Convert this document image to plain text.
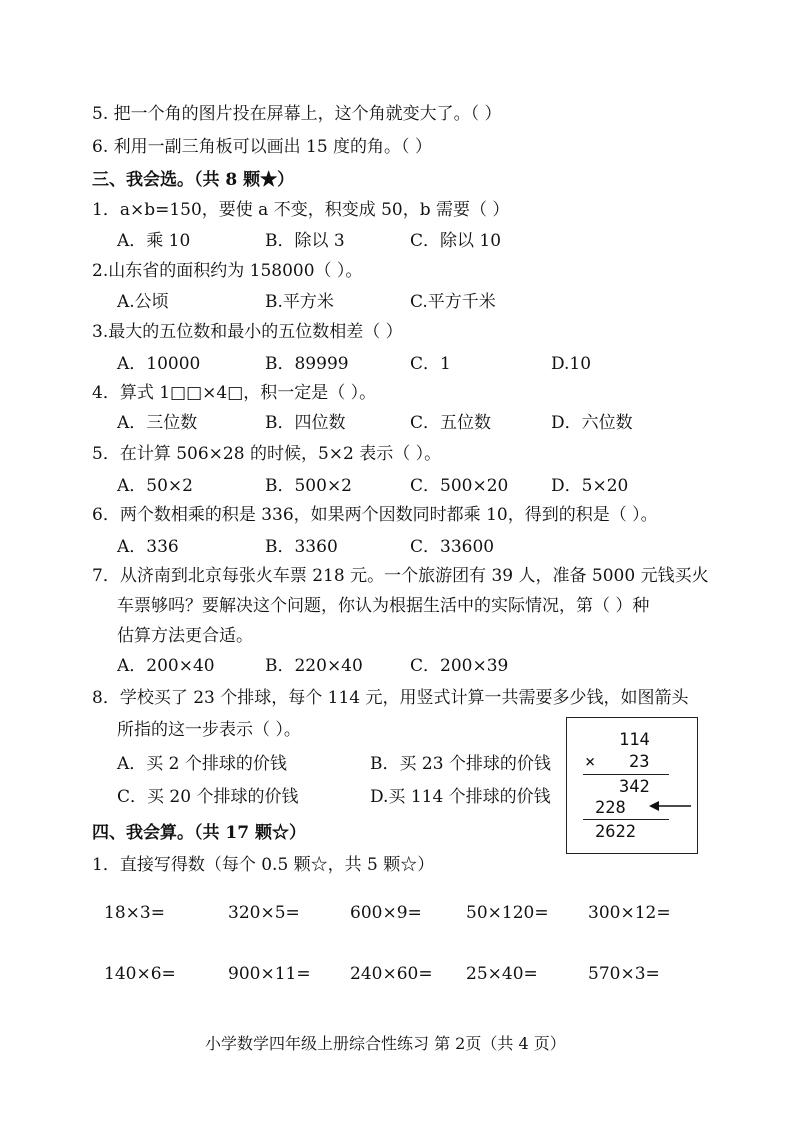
5. 把一个角的图片投在屏幕上，这个角就变大了。（ ）
6. 利用一副三角板可以画出 15 度的角。（ ）
三、我会选。（共 8 颗★）
1．a×b=150，要使 a 不变，积变成 50，b 需要（ ）
A．乘 10	B．除以 3	C．除以 10
2.山东省的面积约为 158000（ ）。
A.公顷	B.平方米	C.平方千米
3.最大的五位数和最小的五位数相差（ ）
A．10000	B．89999	C．1	D.10
4．算式 1□□×4□，积一定是（ ）。
A．三位数	B．四位数	C．五位数	D．六位数
5．在计算 506×28 的时候，5×2 表示（ ）。
A．50×2	B．500×2	C．500×20	D．5×20
6．两个数相乘的积是 336，如果两个因数同时都乘 10，得到的积是（ ）。
A．336	B．3360	C．33600
7．从济南到北京每张火车票 218 元。一个旅游团有 39 人，准备 5000 元钱买火
车票够吗？要解决这个问题，你认为根据生活中的实际情况，第（ ）种
估算方法更合适。
A．200×40	B．220×40	C．200×39
8．学校买了 23 个排球，每个 114 元，用竖式计算一共需要多少钱，如图箭头
所指的这一步表示（ ）。
A．买 2 个排球的价钱	B．买 23 个排球的价钱
C．买 20 个排球的价钱	D.买 114 个排球的价钱
114
× 23
342
228
2622
四、我会算。（共 17 颗☆）
1．直接写得数（每个 0.5 颗☆，共 5 颗☆）
18×3=	320×5=	600×9=	50×120= 300×12=
140×6=	900×11= 240×60= 25×40=	570×3=
小学数学四年级上册综合性练习 第 2页（共 4 页）
